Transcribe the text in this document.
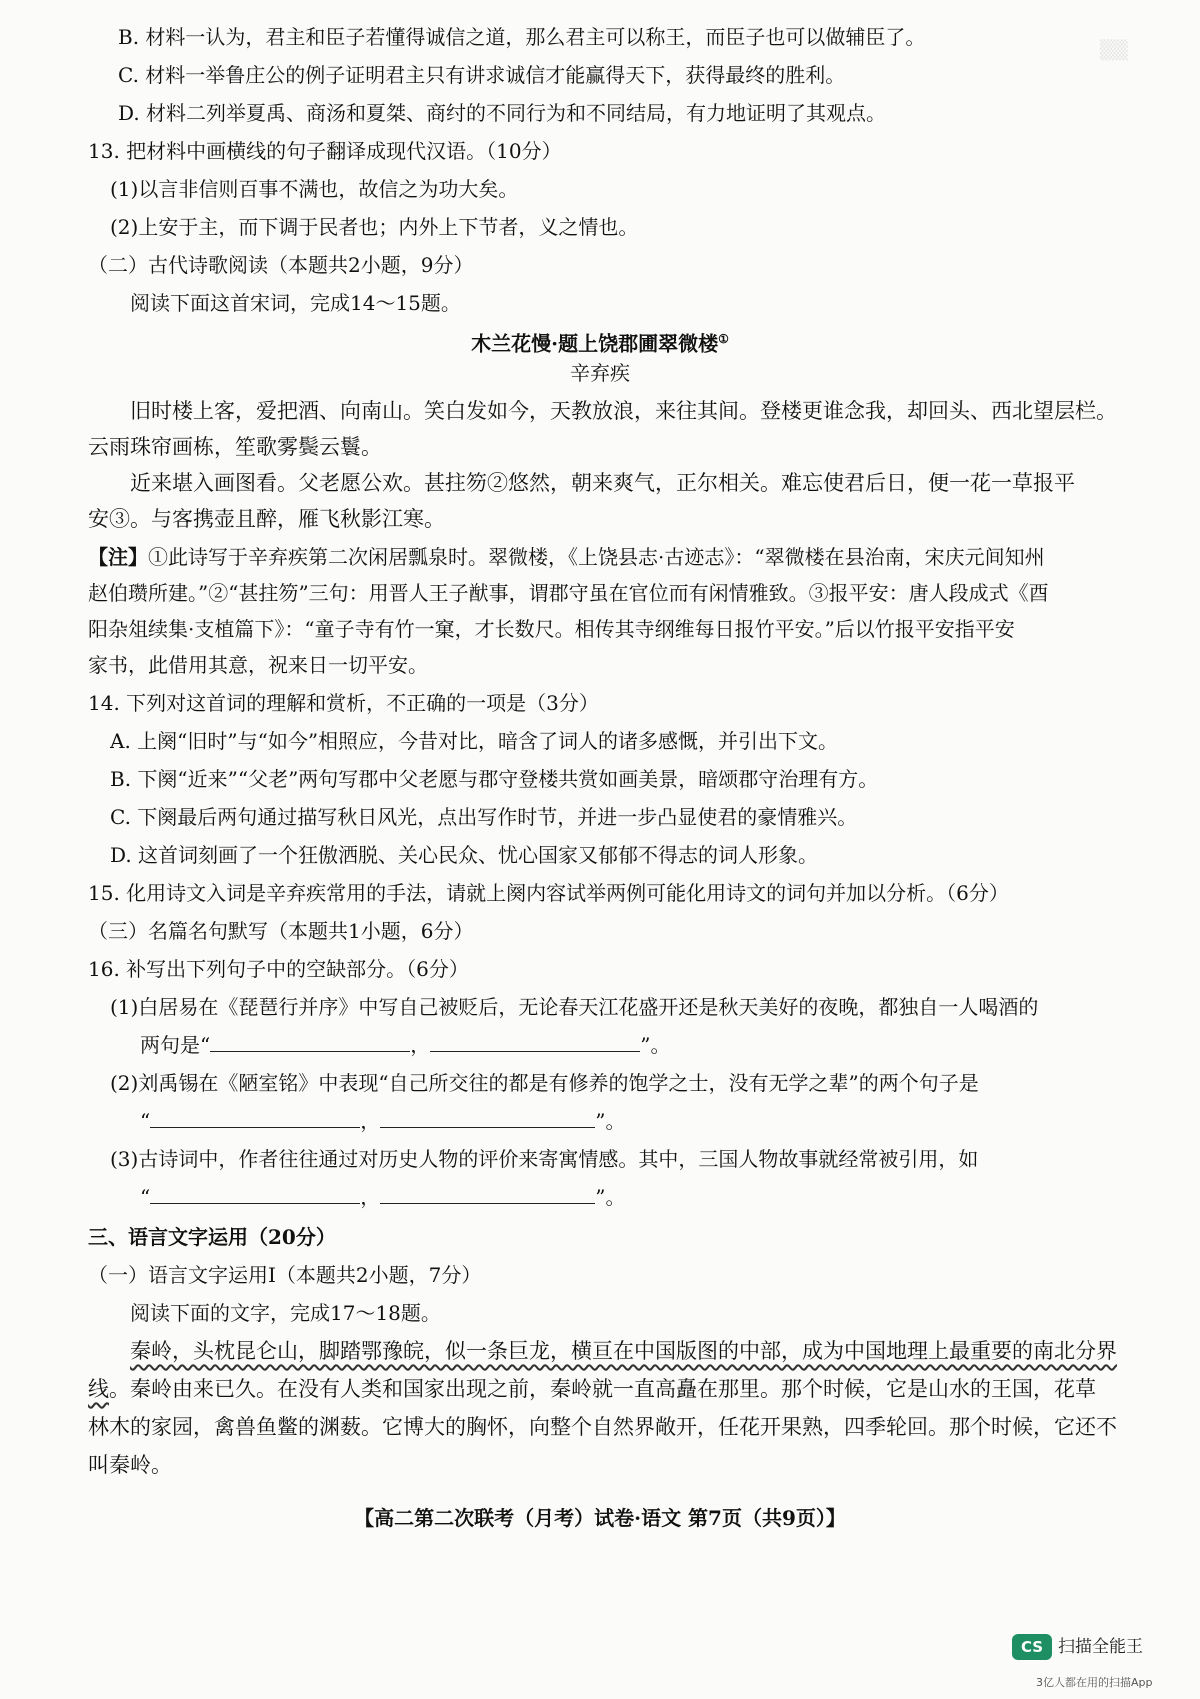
▒▒
B. 材料一认为，君主和臣子若懂得诚信之道，那么君主可以称王，而臣子也可以做辅臣了。
C. 材料一举鲁庄公的例子证明君主只有讲求诚信才能赢得天下，获得最终的胜利。
D. 材料二列举夏禹、商汤和夏桀、商纣的不同行为和不同结局，有力地证明了其观点。
13. 把材料中画横线的句子翻译成现代汉语。（10分）
(1)以言非信则百事不满也，故信之为功大矣。
(2)上安于主，而下调于民者也；内外上下节者，义之情也。
（二）古代诗歌阅读（本题共2小题，9分）
阅读下面这首宋词，完成14～15题。
木兰花慢·题上饶郡圃翠微楼①
辛弃疾
旧时楼上客，爱把酒、向南山。笑白发如今，天教放浪，来往其间。登楼更谁念我，却回头、西北望层栏。
云雨珠帘画栋，笙歌雾鬓云鬟。
近来堪入画图看。父老愿公欢。甚拄笏②悠然，朝来爽气，正尔相关。难忘使君后日，便一花一草报平
安③。与客携壶且醉，雁飞秋影江寒。
【注】①此诗写于辛弃疾第二次闲居瓢泉时。翠微楼，《上饶县志·古迹志》：“翠微楼在县治南，宋庆元间知州
赵伯瓒所建。”②“甚拄笏”三句：用晋人王子猷事，谓郡守虽在官位而有闲情雅致。③报平安：唐人段成式《酉
阳杂俎续集·支植篇下》：“童子寺有竹一窠，才长数尺。相传其寺纲维每日报竹平安。”后以竹报平安指平安
家书，此借用其意，祝来日一切平安。
14. 下列对这首词的理解和赏析，不正确的一项是（3分）
A. 上阕“旧时”与“如今”相照应，今昔对比，暗含了词人的诸多感慨，并引出下文。
B. 下阕“近来”“父老”两句写郡中父老愿与郡守登楼共赏如画美景，暗颂郡守治理有方。
C. 下阕最后两句通过描写秋日风光，点出写作时节，并进一步凸显使君的豪情雅兴。
D. 这首词刻画了一个狂傲洒脱、关心民众、忧心国家又郁郁不得志的词人形象。
15. 化用诗文入词是辛弃疾常用的手法，请就上阕内容试举两例可能化用诗文的词句并加以分析。（6分）
（三）名篇名句默写（本题共1小题，6分）
16. 补写出下列句子中的空缺部分。（6分）
(1)白居易在《琵琶行并序》中写自己被贬后，无论春天江花盛开还是秋天美好的夜晚，都独自一人喝酒的
两句是“	，	”。
(2)刘禹锡在《陋室铭》中表现“自己所交往的都是有修养的饱学之士，没有无学之辈”的两个句子是
“	，	”。
(3)古诗词中，作者往往通过对历史人物的评价来寄寓情感。其中，三国人物故事就经常被引用，如
“	，	”。
三、语言文字运用（20分）
（一）语言文字运用Ⅰ（本题共2小题，7分）
阅读下面的文字，完成17～18题。
秦岭，头枕昆仑山，脚踏鄂豫皖，似一条巨龙，横亘在中国版图的中部，成为中国地理上最重要的南北分界
线。秦岭由来已久。在没有人类和国家出现之前，秦岭就一直高矗在那里。那个时候，它是山水的王国，花草
林木的家园，禽兽鱼鳖的渊薮。它博大的胸怀，向整个自然界敞开，任花开果熟，四季轮回。那个时候，它还不
叫秦岭。
【高二第二次联考（月考）试卷·语文 第7页（共9页）】
CS 扫描全能王
3亿人都在用的扫描App
